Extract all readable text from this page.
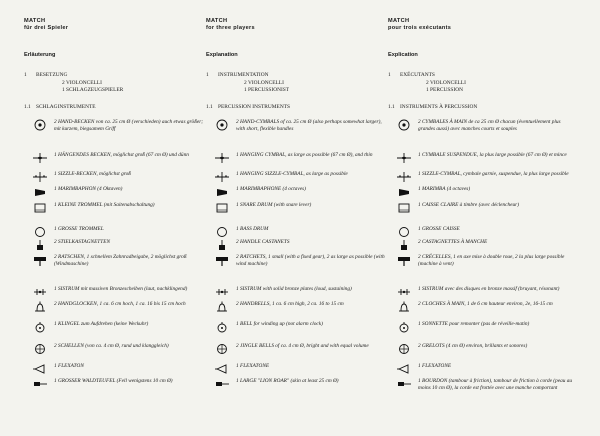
MATCH
für drei Spieler
Erläuterung
1 BESETZUNG
2 VIOLONCELLI
1 SCHLAGZEUGSPIELER
1.1 SCHLAGINSTRUMENTE
2 HAND-BECKEN von ca. 25 cm Ø (verschieden) auch etwas größer; mit kurzem, biegsamem Griff
1 HÄNGENDES BECKEN, möglichst groß (67 cm Ø) und dünn
1 SIZZLE-BECKEN, möglichst groß
1 MARIMBAPHON (4 Oktaven)
1 KLEINE TROMMEL (mit Saitenabschaltung)
1 GROSSE TROMMEL
2 STIELKASTAGNETTEN
2 RATSCHEN, 1 schnellem Zahnradbeigabe, 2 möglichst groß (Windmaschine)
1 SISTRUM mit massiven Bronzescheiben (laut, nachklingend)
2 HANDGLOCKEN, 1 ca. 6 cm hoch, 1 ca. 16 bis 15 cm hoch
1 KLINGEL zum Aufdrehen (keine Weckuhr)
2 SCHELLEN (von ca. 4 cm Ø, rund und klanggleich)
1 FLEXATON
1 GROSSER WALDTEUFEL (Fell wenigstens 10 cm Ø)
MATCH
for three players
Explanation
1 INSTRUMENTATION
2 VIOLONCELLI
1 PERCUSSIONIST
1.1 PERCUSSION INSTRUMENTS
2 HAND-CYMBALS of ca. 25 cm Ø (also perhaps somewhat larger), with short, flexible handles
1 HANGING CYMBAL, as large as possible (67 cm Ø), and thin
1 HANGING SIZZLE-CYMBAL, as large as possible
1 MARIMBAPHONE (4 octaves)
1 SNARE DRUM (with snare lever)
1 BASS DRUM
2 HANDLE CASTANETS
2 RATCHETS, 1 small (with a fixed gear), 2 as large as possible (with wind machine)
1 SISTRUM with solid bronze plates (loud, sustaining)
2 HANDBELLS, 1 ca. 6 cm high, 2 ca. 16 to 15 cm
1 BELL for winding up (not alarm clock)
2 JINGLE BELLS of ca. 4 cm Ø, bright and with equal volume
1 FLEXATONE
1 LARGE "LION ROAR" (skin at least 25 cm Ø)
MATCH
pour trois exécutants
Explication
1 EXÉCUTANTS
2 VIOLONCELLI
1 PERCUSSION
1.1 INSTRUMENTS À PERCUSSION
2 CYMBALES À MAIN de ca 25 cm Ø chacun (éventuellement plus grandes aussi) avec manches courts et souples
1 CYMBALE SUSPENDUE, la plus large possible (67 cm Ø) et mince
1 SIZZLE-CYMBAL, cymbale garnie, suspendue, la plus large possible
1 MARIMBA (4 octaves)
1 CAISSE CLAIRE à timbre (avec déclencheur)
1 GROSSE CAISSE
2 CASTAGNETTES À MANCHE
2 CRÉCELLES, 1 en axe mise à double roue, 2 la plus large possible (machine à vent)
1 SISTRUM avec des disques en bronze massif (bruyant, résonant)
2 CLOCHES À MAIN, 1 de 6 cm hauteur environ, 2e, 16-15 cm
1 SONNETTE pour remonter (pas de réveille-matin)
2 GRELOTS (4 cm Ø) environ, brillants et sonores)
1 FLEXATONE
1 BOURDON (tambour à friction), tambour de friction à corde (peau au moins 10 cm Ø), la corde est frottée avec une manche comportant
